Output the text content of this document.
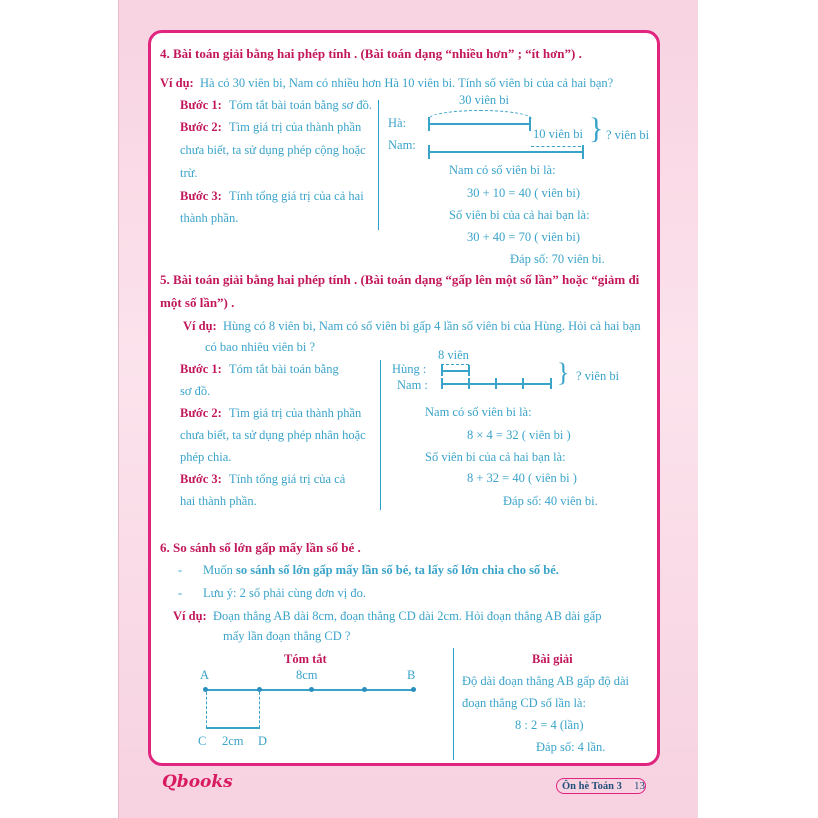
4. Bài toán giải bằng hai phép tính . (Bài toán dạng “nhiều hơn” ; “ít hơn”) .
Ví dụ: Hà có 30 viên bi, Nam có nhiều hơn Hà 10 viên bi. Tính số viên bi của cả hai bạn?
Bước 1: Tóm tắt bài toán bằng sơ đồ.
Bước 2: Tìm giá trị của thành phần
chưa biết, ta sử dụng phép cộng hoặc
trừ.
Bước 3: Tính tổng giá trị của cả hai
thành phần.
30 viên bi
Hà:
10 viên bi
Nam:	} ? viên bi
Nam có số viên bi là:
30 + 10 = 40 ( viên bi)
Số viên bi của cả hai bạn là:
30 + 40 = 70 ( viên bi)
Đáp số: 70 viên bi.
5. Bài toán giải bằng hai phép tính . (Bài toán dạng “gấp lên một số lần” hoặc “giảm đi
một số lần”) .
Ví dụ: Hùng có 8 viên bi, Nam có số viên bi gấp 4 lần số viên bi của Hùng. Hỏi cả hai bạn
có bao nhiêu viên bi ?
Bước 1: Tóm tắt bài toán bằng
sơ đồ.
Bước 2: Tìm giá trị của thành phần
chưa biết, ta sử dụng phép nhân hoặc
phép chia.
Bước 3: Tính tổng giá trị của cả
hai thành phần.
8 viên
Hùng :
Nam :	} ? viên bi
Nam có số viên bi là:
8 × 4 = 32 ( viên bi )
Số viên bi của cả hai bạn là:
8 + 32 = 40 ( viên bi )
Đáp số: 40 viên bi.
6. So sánh số lớn gấp mấy lần số bé .
- Muốn so sánh số lớn gấp mấy lần số bé, ta lấy số lớn chia cho số bé.
- Lưu ý: 2 số phải cùng đơn vị đo.
Ví dụ: Đoạn thẳng AB dài 8cm, đoạn thẳng CD dài 2cm. Hỏi đoạn thẳng AB dài gấp
mấy lần đoạn thẳng CD ?
Tóm tắt
A	8cm	B
C 2cm D
Bài giải
Độ dài đoạn thẳng AB gấp độ dài
đoạn thẳng CD số lần là:
8 : 2 = 4 (lần)
Đáp số: 4 lần.
Qbooks	Ôn hè Toán 3 13
